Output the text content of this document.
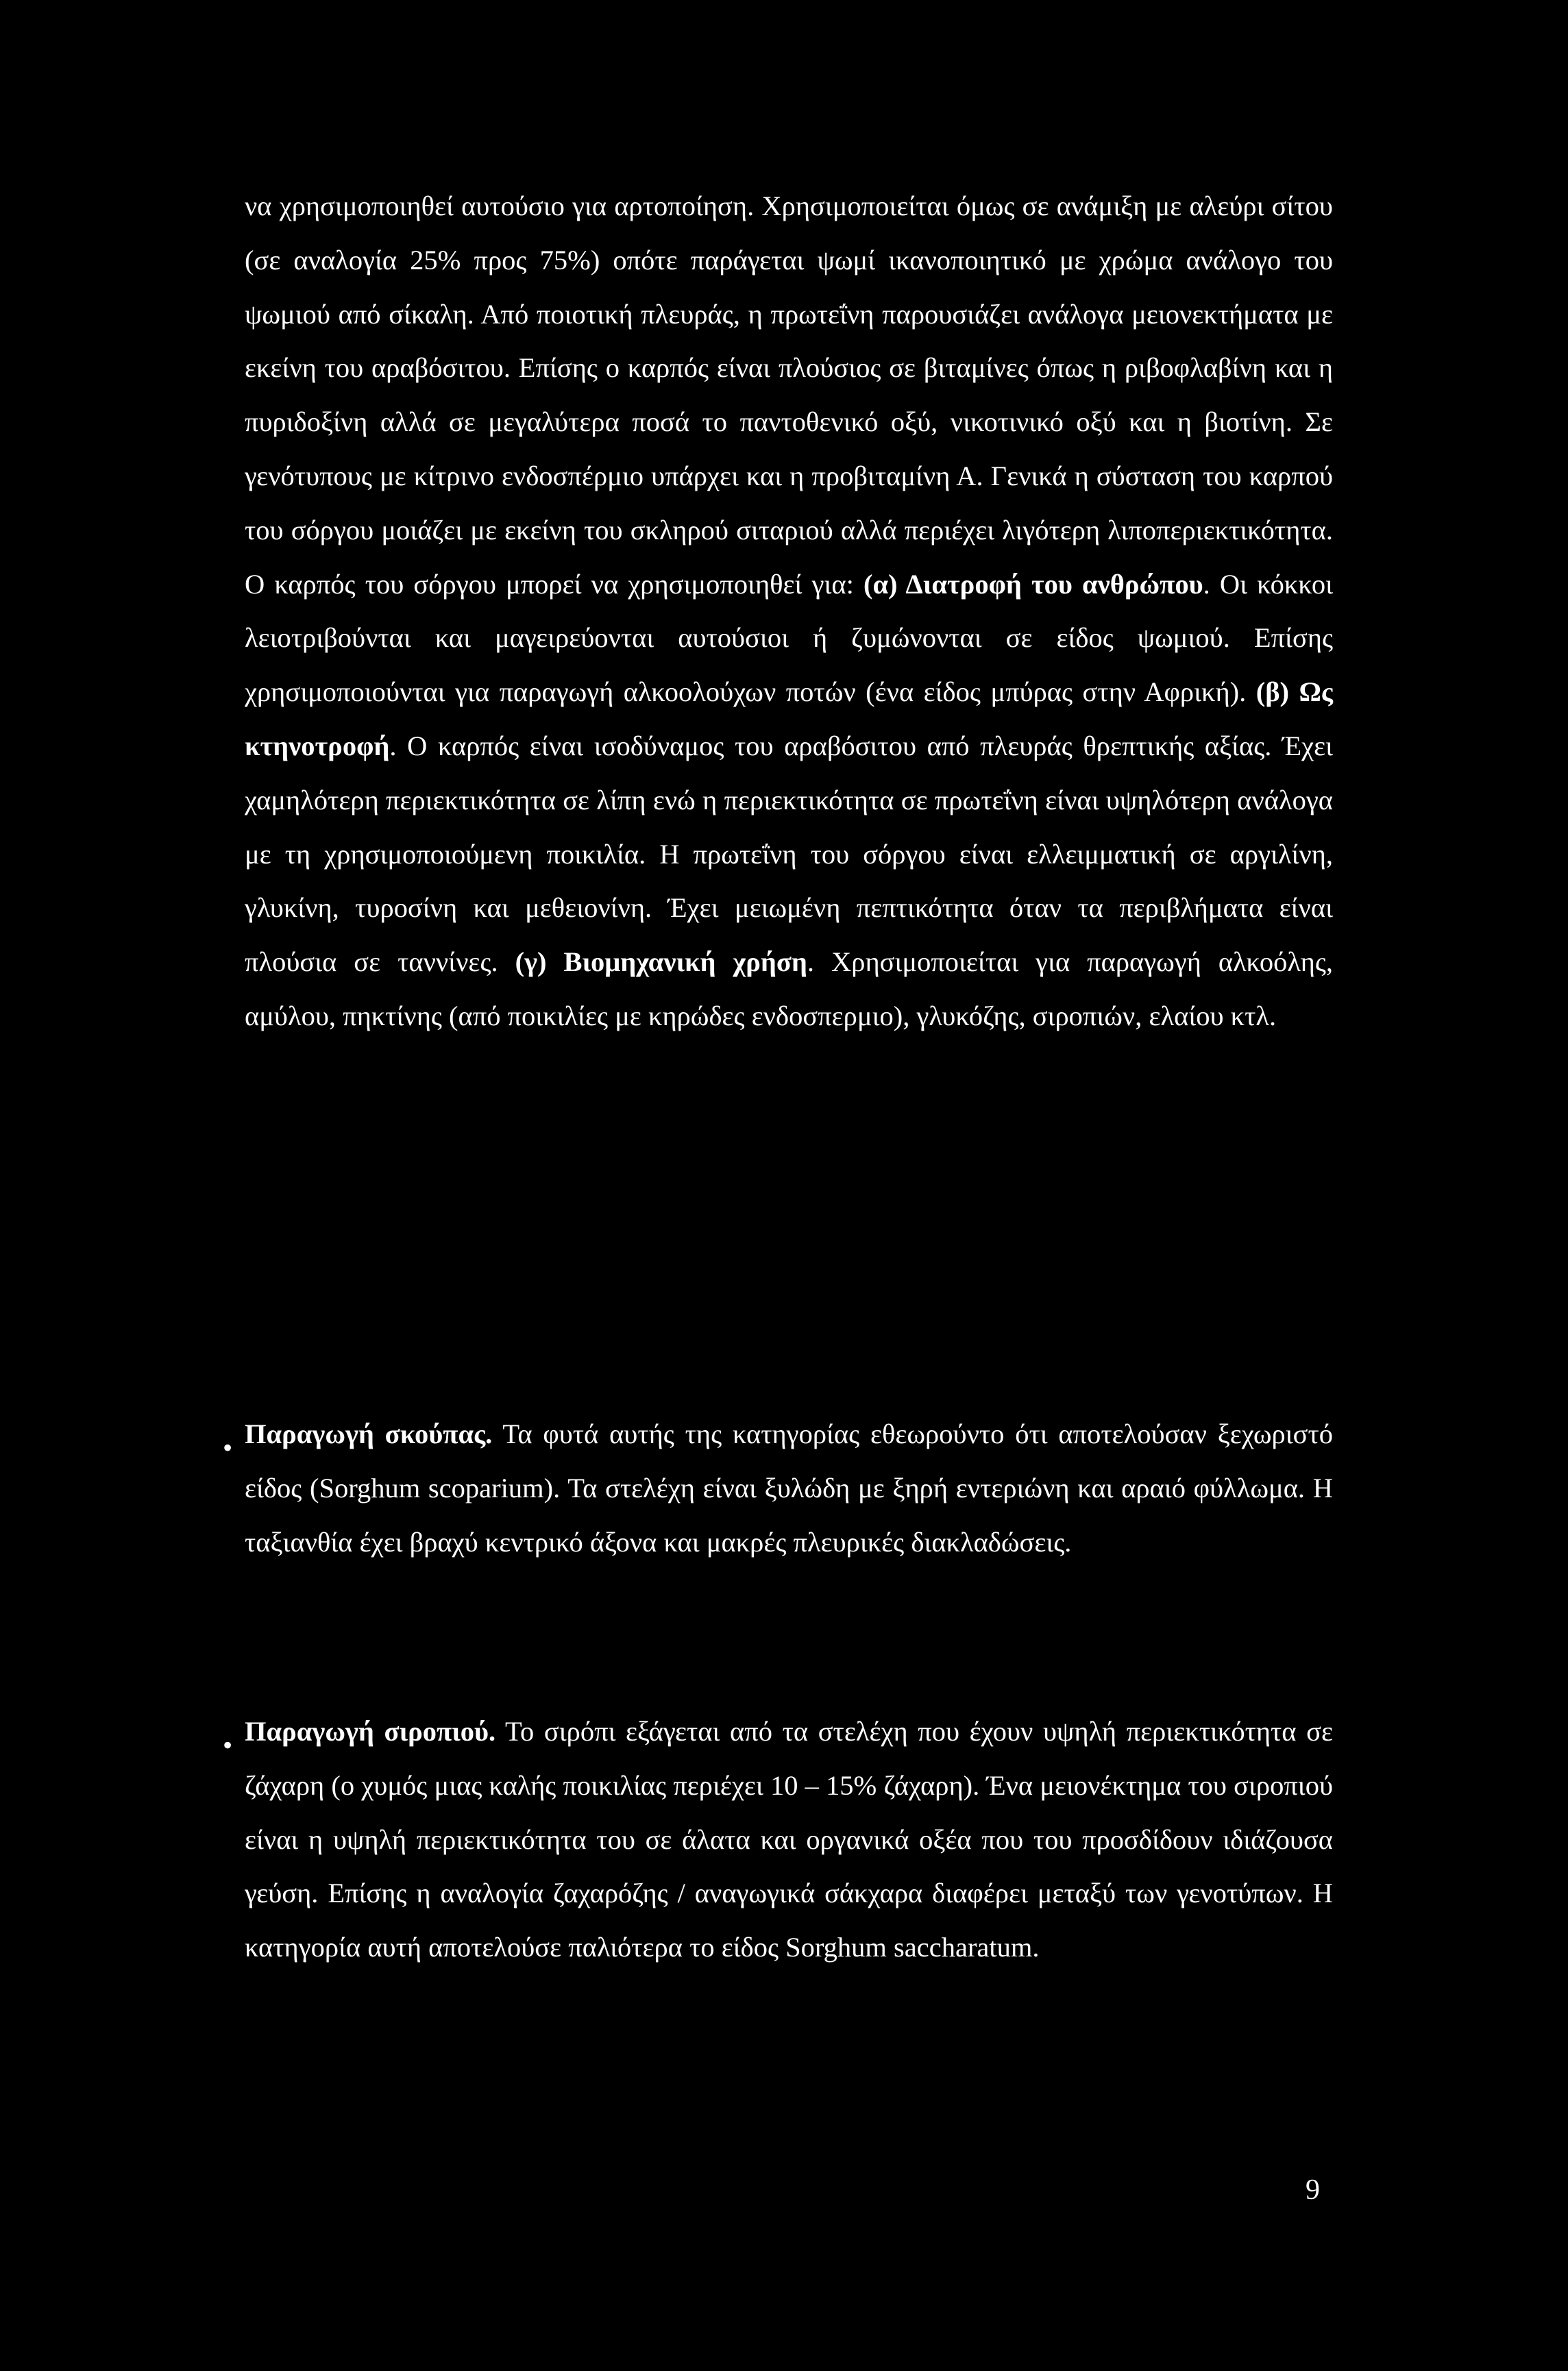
να χρησιμοποιηθεί αυτούσιο για αρτοποίηση. Χρησιμοποιείται όμως σε ανάμιξη με αλεύρι σίτου (σε αναλογία 25% προς 75%) οπότε παράγεται ψωμί ικανοποιητικό με χρώμα ανάλογο του ψωμιού από σίκαλη. Από ποιοτική πλευράς, η πρωτεΐνη παρουσιάζει ανάλογα μειονεκτήματα με εκείνη του αραβόσιτου. Επίσης ο καρπός είναι πλούσιος σε βιταμίνες όπως η ριβοφλαβίνη και η πυριδοξίνη αλλά σε μεγαλύτερα ποσά το παντοθενικό οξύ, νικοτινικό οξύ και η βιοτίνη. Σε γενότυπους με κίτρινο ενδοσπέρμιο υπάρχει και η προβιταμίνη Α. Γενικά η σύσταση του καρπού του σόργου μοιάζει με εκείνη του σκληρού σιταριού αλλά περιέχει λιγότερη λιποπεριεκτικότητα. Ο καρπός του σόργου μπορεί να χρησιμοποιηθεί για: (α) Διατροφή του ανθρώπου. Οι κόκκοι λειοτριβούνται και μαγειρεύονται αυτούσιοι ή ζυμώνονται σε είδος ψωμιού. Επίσης χρησιμοποιούνται για παραγωγή αλκοολούχων ποτών (ένα είδος μπύρας στην Αφρική). (β) Ως κτηνοτροφή. Ο καρπός είναι ισοδύναμος του αραβόσιτου από πλευράς θρεπτικής αξίας. Έχει χαμηλότερη περιεκτικότητα σε λίπη ενώ η περιεκτικότητα σε πρωτεΐνη είναι υψηλότερη ανάλογα με τη χρησιμοποιούμενη ποικιλία. Η πρωτεΐνη του σόργου είναι ελλειμματική σε αργιλίνη, γλυκίνη, τυροσίνη και μεθειονίνη. Έχει μειωμένη πεπτικότητα όταν τα περιβλήματα είναι πλούσια σε ταννίνες. (γ) Βιομηχανική χρήση. Χρησιμοποιείται για παραγωγή αλκοόλης, αμύλου, πηκτίνης (από ποικιλίες με κηρώδες ενδοσπερμιο), γλυκόζης, σιροπιών, ελαίου κτλ.

• Παραγωγή σκούπας. Τα φυτά αυτής της κατηγορίας εθεωρούντο ότι αποτελούσαν ξεχωριστό είδος (Sorghum scoparium). Τα στελέχη είναι ξυλώδη με ξηρή εντεριώνη και αραιό φύλλωμα. Η ταξιανθία έχει βραχύ κεντρικό άξονα και μακρές πλευρικές διακλαδώσεις.

• Παραγωγή σιροπιού. Το σιρόπι εξάγεται από τα στελέχη που έχουν υψηλή περιεκτικότητα σε ζάχαρη (ο χυμός μιας καλής ποικιλίας περιέχει 10 – 15% ζάχαρη). Ένα μειονέκτημα του σιροπιού είναι η υψηλή περιεκτικότητα του σε άλατα και οργανικά οξέα που του προσδίδουν ιδιάζουσα γεύση. Επίσης η αναλογία ζαχαρόζης / αναγωγικά σάκχαρα διαφέρει μεταξύ των γενοτύπων. Η κατηγορία αυτή αποτελούσε παλιότερα το είδος Sorghum saccharatum.

9
